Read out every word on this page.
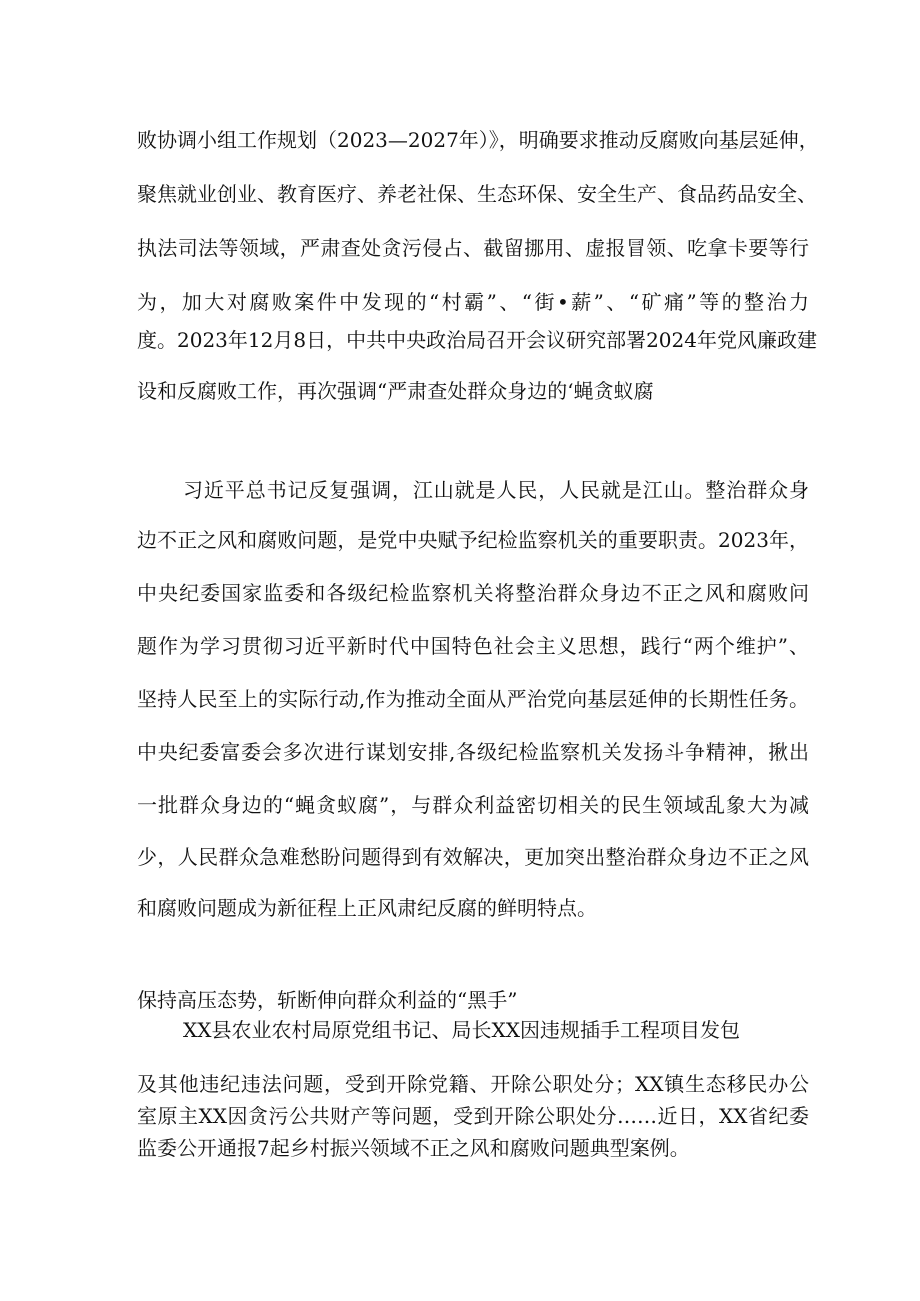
败协调小组工作规划（2023—2027年）》，明确要求推动反腐败向基层延伸，
聚焦就业创业、教育医疗、养老社保、生态环保、安全生产、食品药品安全、
执法司法等领域，严肃查处贪污侵占、截留挪用、虚报冒领、吃拿卡要等行
为，加大对腐败案件中发现的“村霸”、“街•薪”、“矿痛”等的整治力
度。2023年12月8日，中共中央政治局召开会议研究部署2024年党风廉政建
设和反腐败工作，再次强调“严肃查处群众身边的‘蝇贪蚁腐
习近平总书记反复强调，江山就是人民，人民就是江山。整治群众身
边不正之风和腐败问题，是党中央赋予纪检监察机关的重要职责。2023年，
中央纪委国家监委和各级纪检监察机关将整治群众身边不正之风和腐败问
题作为学习贯彻习近平新时代中国特色社会主义思想，践行“两个维护”、
坚持人民至上的实际行动,作为推动全面从严治党向基层延伸的长期性任务。
中央纪委富委会多次进行谋划安排,各级纪检监察机关发扬斗争精神，揪出
一批群众身边的“蝇贪蚁腐”，与群众利益密切相关的民生领域乱象大为减
少，人民群众急难愁盼问题得到有效解决，更加突出整治群众身边不正之风
和腐败问题成为新征程上正风肃纪反腐的鲜明特点。
保持高压态势，斩断伸向群众利益的“黑手”
XX县农业农村局原党组书记、局长XX因违规插手工程项目发包
及其他违纪违法问题，受到开除党籍、开除公职处分；XX镇生态移民办公
室原主XX因贪污公共财产等问题，受到开除公职处分……近日，XX省纪委
监委公开通报7起乡村振兴领域不正之风和腐败问题典型案例。
